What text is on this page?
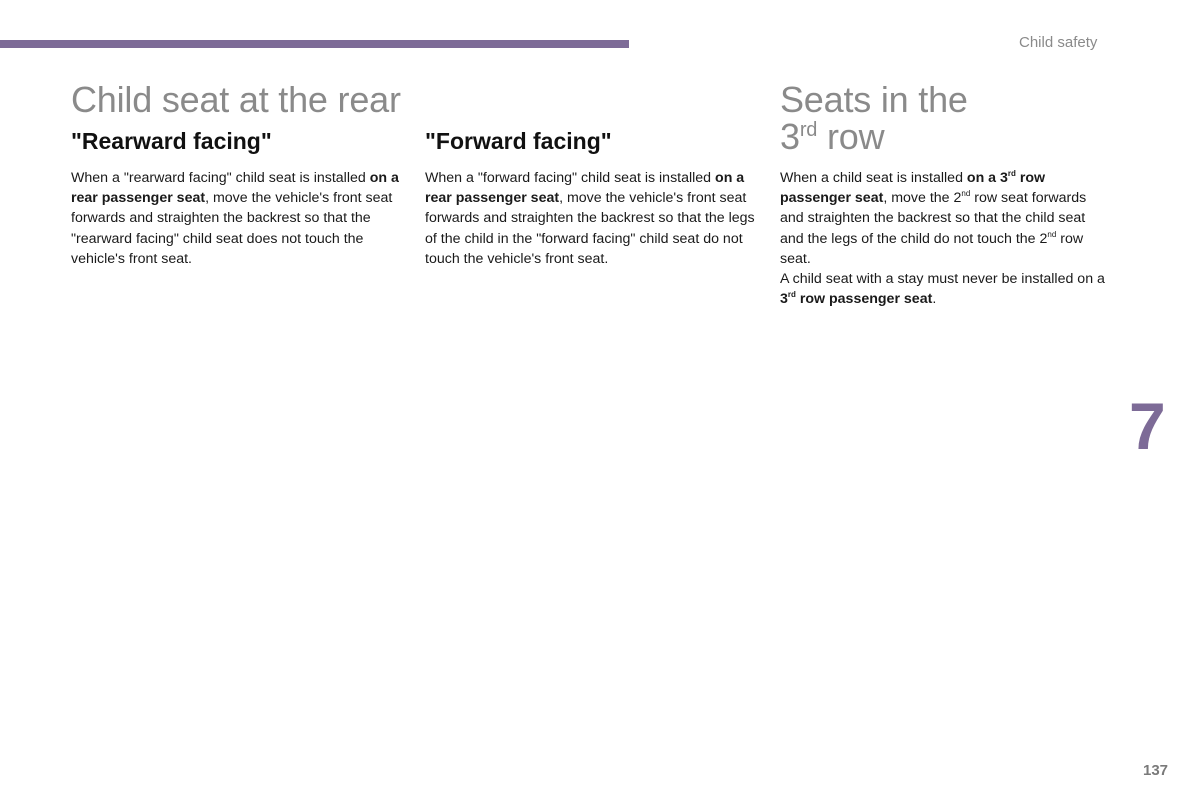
Child safety
Child seat at the rear
"Rearward facing"

When a "rearward facing" child seat is installed on a rear passenger seat, move the vehicle's front seat forwards and straighten the backrest so that the "rearward facing" child seat does not touch the vehicle's front seat.

"Forward facing"

When a "forward facing" child seat is installed on a rear passenger seat, move the vehicle's front seat forwards and straighten the backrest so that the legs of the child in the "forward facing" child seat do not touch the vehicle's front seat.

Seats in the
3rd row

When a child seat is installed on a 3rd row passenger seat, move the 2nd row seat forwards and straighten the backrest so that the child seat and the legs of the child do not touch the 2nd row seat.

A child seat with a stay must never be installed on a 3rd row passenger seat.

7
137
